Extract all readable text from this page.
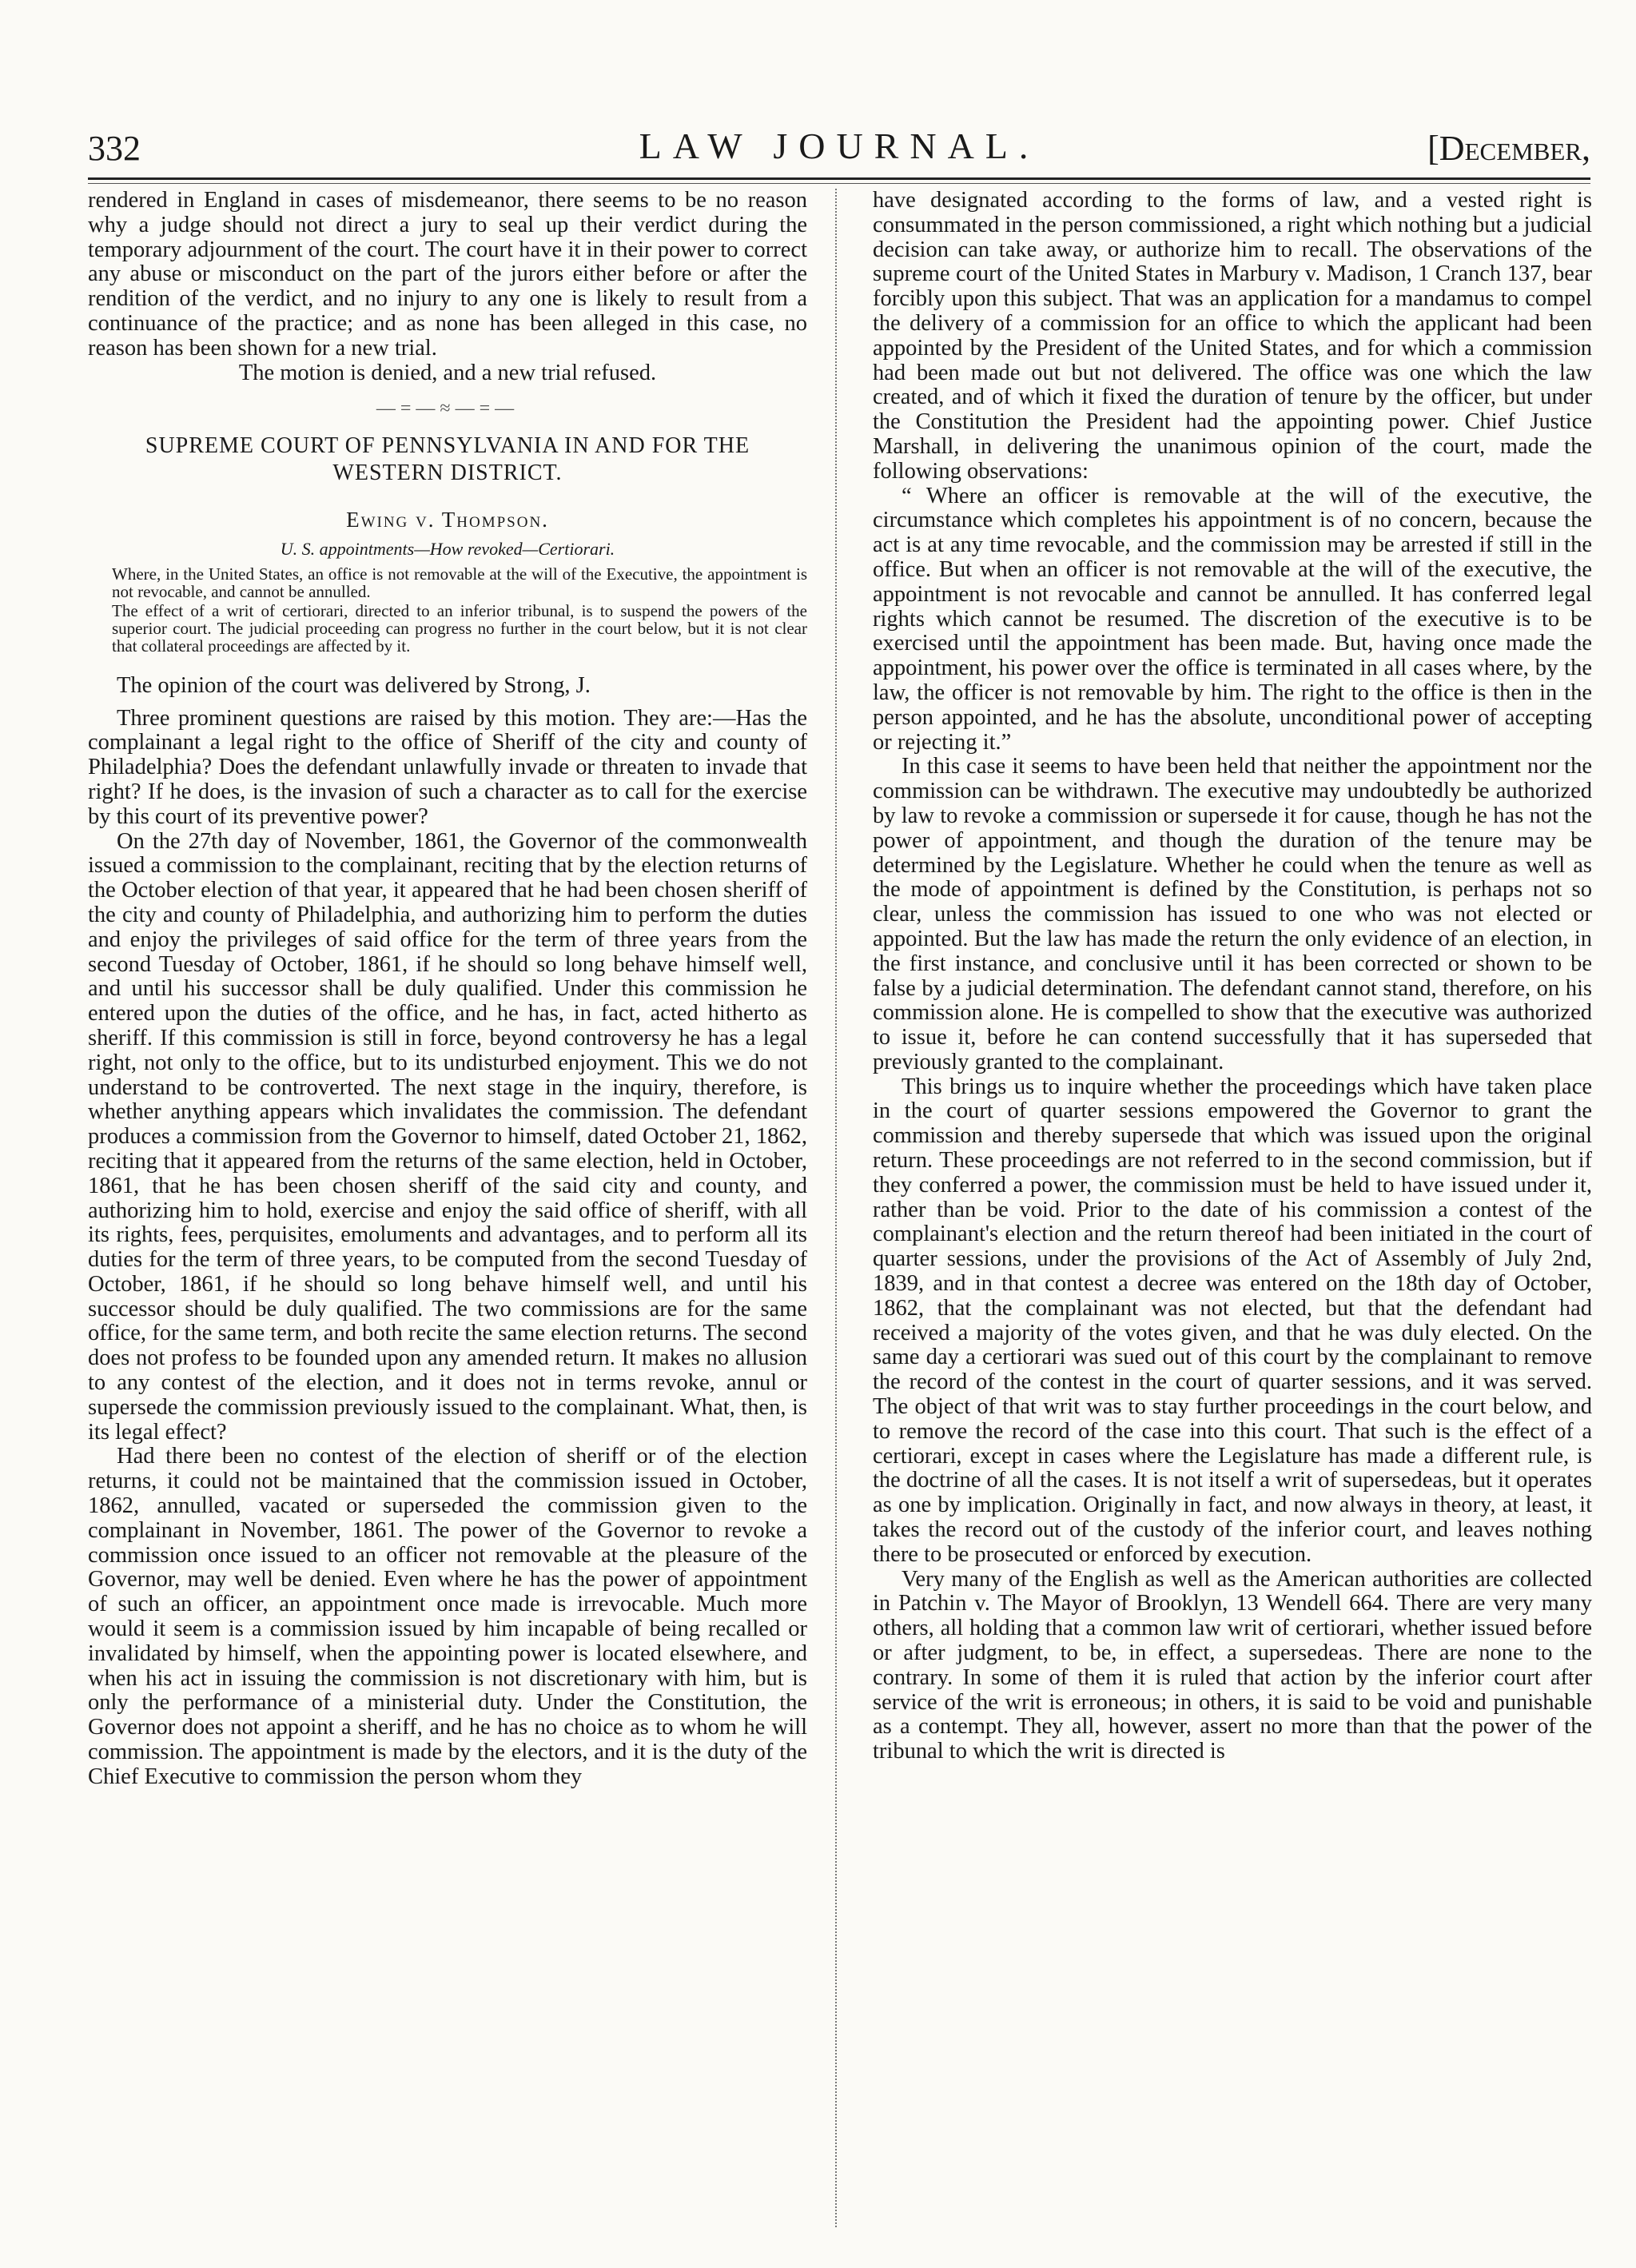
332	LAW JOURNAL.	[December,

rendered in England in cases of misdemeanor, there seems to be no reason why a judge should not direct a jury to seal up their verdict during the temporary adjournment of the court. The court have it in their power to correct any abuse or misconduct on the part of the jurors either before or after the rendition of the verdict, and no injury to any one is likely to result from a continuance of the practice; and as none has been alleged in this case, no reason has been shown for a new trial.

The motion is denied, and a new trial refused.

—=—≈—=—
SUPREME COURT OF PENNSYLVANIA IN AND FOR THE WESTERN DISTRICT.
Ewing v. Thompson.
U. S. appointments—How revoked—Certiorari.

Where, in the United States, an office is not removable at the will of the Executive, the appointment is not revocable, and cannot be annulled.

The effect of a writ of certiorari, directed to an inferior tribunal, is to suspend the powers of the superior court. The judicial proceeding can progress no further in the court below, but it is not clear that collateral proceedings are affected by it.

The opinion of the court was delivered by Strong, J.

Three prominent questions are raised by this motion. They are:—Has the complainant a legal right to the office of Sheriff of the city and county of Philadelphia? Does the defendant unlawfully invade or threaten to invade that right? If he does, is the invasion of such a character as to call for the exercise by this court of its preventive power?

On the 27th day of November, 1861, the Governor of the commonwealth issued a commission to the complainant, reciting that by the election returns of the October election of that year, it appeared that he had been chosen sheriff of the city and county of Philadelphia, and authorizing him to perform the duties and enjoy the privileges of said office for the term of three years from the second Tuesday of October, 1861, if he should so long behave himself well, and until his successor shall be duly qualified. Under this commission he entered upon the duties of the office, and he has, in fact, acted hitherto as sheriff. If this commission is still in force, beyond controversy he has a legal right, not only to the office, but to its undisturbed enjoyment. This we do not understand to be controverted. The next stage in the inquiry, therefore, is whether anything appears which invalidates the commission. The defendant produces a commission from the Governor to himself, dated October 21, 1862, reciting that it appeared from the returns of the same election, held in October, 1861, that he has been chosen sheriff of the said city and county, and authorizing him to hold, exercise and enjoy the said office of sheriff, with all its rights, fees, perquisites, emoluments and advantages, and to perform all its duties for the term of three years, to be computed from the second Tuesday of October, 1861, if he should so long behave himself well, and until his successor should be duly qualified. The two commissions are for the same office, for the same term, and both recite the same election returns. The second does not profess to be founded upon any amended return. It makes no allusion to any contest of the election, and it does not in terms revoke, annul or supersede the commission previously issued to the complainant. What, then, is its legal effect?

Had there been no contest of the election of sheriff or of the election returns, it could not be maintained that the commission issued in October, 1862, annulled, vacated or superseded the commission given to the complainant in November, 1861. The power of the Governor to revoke a commission once issued to an officer not removable at the pleasure of the Governor, may well be denied. Even where he has the power of appointment of such an officer, an appointment once made is irrevocable. Much more would it seem is a commission issued by him incapable of being recalled or invalidated by himself, when the appointing power is located elsewhere, and when his act in issuing the commission is not discretionary with him, but is only the performance of a ministerial duty. Under the Constitution, the Governor does not appoint a sheriff, and he has no choice as to whom he will commission. The appointment is made by the electors, and it is the duty of the Chief Executive to commission the person whom they

have designated according to the forms of law, and a vested right is consummated in the person commissioned, a right which nothing but a judicial decision can take away, or authorize him to recall. The observations of the supreme court of the United States in Marbury v. Madison, 1 Cranch 137, bear forcibly upon this subject. That was an application for a mandamus to compel the delivery of a commission for an office to which the applicant had been appointed by the President of the United States, and for which a commission had been made out but not delivered. The office was one which the law created, and of which it fixed the duration of tenure by the officer, but under the Constitution the President had the appointing power. Chief Justice Marshall, in delivering the unanimous opinion of the court, made the following observations:

“ Where an officer is removable at the will of the executive, the circumstance which completes his appointment is of no concern, because the act is at any time revocable, and the commission may be arrested if still in the office. But when an officer is not removable at the will of the executive, the appointment is not revocable and cannot be annulled. It has conferred legal rights which cannot be resumed. The discretion of the executive is to be exercised until the appointment has been made. But, having once made the appointment, his power over the office is terminated in all cases where, by the law, the officer is not removable by him. The right to the office is then in the person appointed, and he has the absolute, unconditional power of accepting or rejecting it.”

In this case it seems to have been held that neither the appointment nor the commission can be withdrawn. The executive may undoubtedly be authorized by law to revoke a commission or supersede it for cause, though he has not the power of appointment, and though the duration of the tenure may be determined by the Legislature. Whether he could when the tenure as well as the mode of appointment is defined by the Constitution, is perhaps not so clear, unless the commission has issued to one who was not elected or appointed. But the law has made the return the only evidence of an election, in the first instance, and conclusive until it has been corrected or shown to be false by a judicial determination. The defendant cannot stand, therefore, on his commission alone. He is compelled to show that the executive was authorized to issue it, before he can contend successfully that it has superseded that previously granted to the complainant.

This brings us to inquire whether the proceedings which have taken place in the court of quarter sessions empowered the Governor to grant the commission and thereby supersede that which was issued upon the original return. These proceedings are not referred to in the second commission, but if they conferred a power, the commission must be held to have issued under it, rather than be void. Prior to the date of his commission a contest of the complainant's election and the return thereof had been initiated in the court of quarter sessions, under the provisions of the Act of Assembly of July 2nd, 1839, and in that contest a decree was entered on the 18th day of October, 1862, that the complainant was not elected, but that the defendant had received a majority of the votes given, and that he was duly elected. On the same day a certiorari was sued out of this court by the complainant to remove the record of the contest in the court of quarter sessions, and it was served. The object of that writ was to stay further proceedings in the court below, and to remove the record of the case into this court. That such is the effect of a certiorari, except in cases where the Legislature has made a different rule, is the doctrine of all the cases. It is not itself a writ of supersedeas, but it operates as one by implication. Originally in fact, and now always in theory, at least, it takes the record out of the custody of the inferior court, and leaves nothing there to be prosecuted or enforced by execution.

Very many of the English as well as the American authorities are collected in Patchin v. The Mayor of Brooklyn, 13 Wendell 664. There are very many others, all holding that a common law writ of certiorari, whether issued before or after judgment, to be, in effect, a supersedeas. There are none to the contrary. In some of them it is ruled that action by the inferior court after service of the writ is erroneous; in others, it is said to be void and punishable as a contempt. They all, however, assert no more than that the power of the tribunal to which the writ is directed is
